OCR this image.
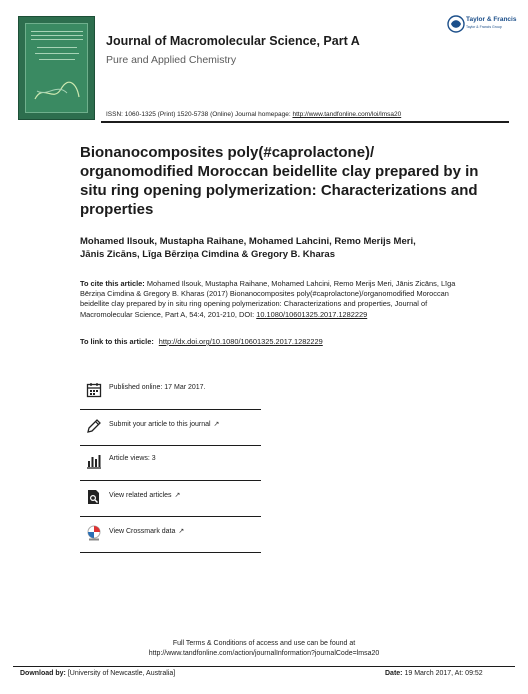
Journal of Macromolecular Science, Part A
Pure and Applied Chemistry
Taylor & Francis
Taylor & Francis Group
ISSN: 1060-1325 (Print) 1520-5738 (Online) Journal homepage: http://www.tandfonline.com/loi/lmsa20
Bionanocomposites poly(#caprolactone)/ organomodified Moroccan beidellite clay prepared by in situ ring opening polymerization: Characterizations and properties
Mohamed Ilsouk, Mustapha Raihane, Mohamed Lahcini, Remo Merijs Meri,
Jānis Zicāns, Līga Bērziņa Cimdina & Gregory B. Kharas
To cite this article: Mohamed Ilsouk, Mustapha Raihane, Mohamed Lahcini, Remo Merijs Meri, Jānis Zicāns, Līga Bērziņa Cimdina & Gregory B. Kharas (2017) Bionanocomposites poly(#caprolactone)/organomodified Moroccan beidellite clay prepared by in situ ring opening polymerization: Characterizations and properties, Journal of Macromolecular Science, Part A, 54:4, 201-210, DOI: 10.1080/10601325.2017.1282229
To link to this article: http://dx.doi.org/10.1080/10601325.2017.1282229
Published online: 17 Mar 2017.
Submit your article to this journal ↗
Article views: 3
View related articles ↗
View Crossmark data ↗
Full Terms & Conditions of access and use can be found at
http://www.tandfonline.com/action/journalInformation?journalCode=lmsa20
Download by: [University of Newcastle, Australia]	Date: 19 March 2017, At: 09:52
